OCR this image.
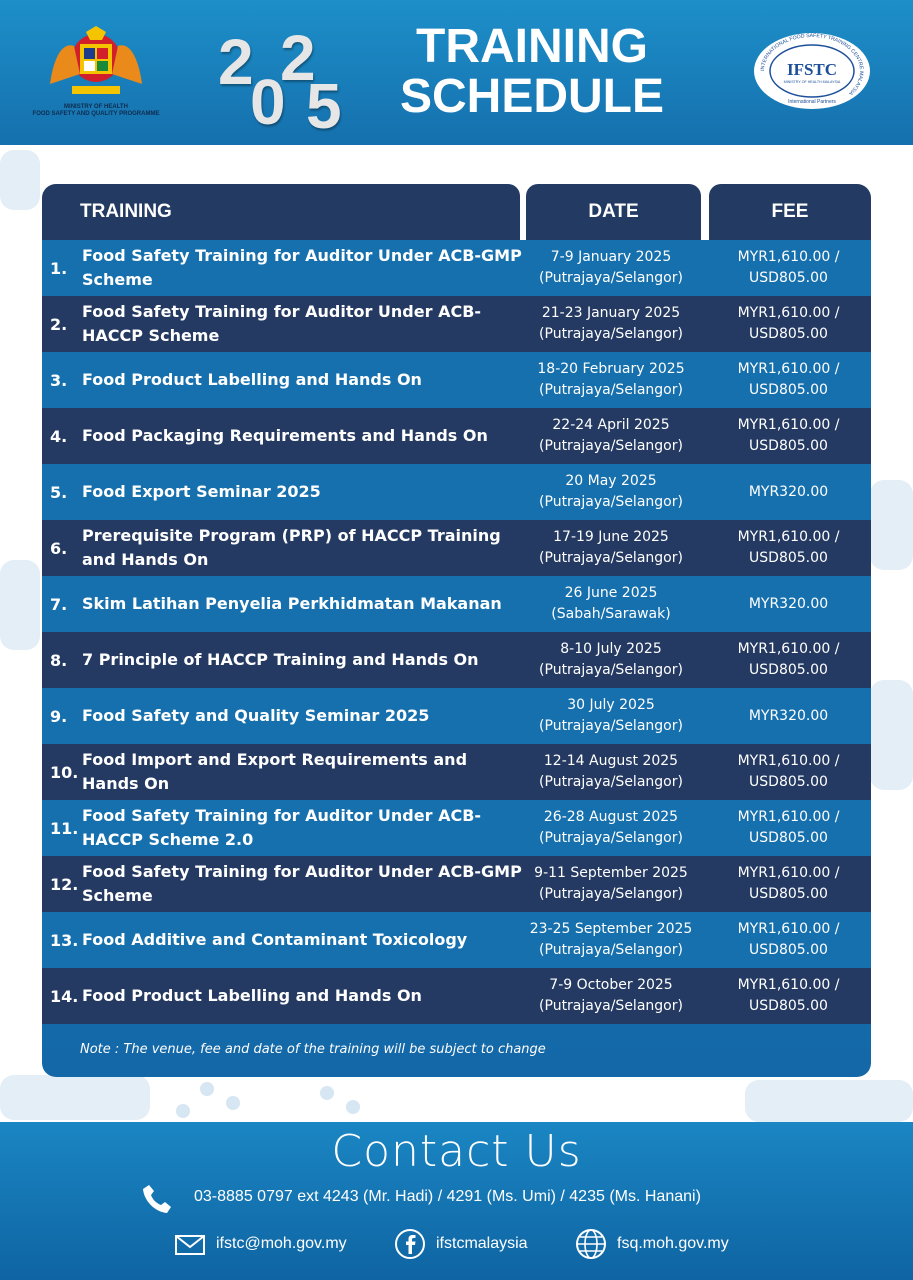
MINISTRY OF HEALTH
FOOD SAFETY AND QUALITY PROGRAMME
2
0
2
5
TRAINING
SCHEDULE	INTERNATIONAL FOOD SAFETY TRAINING CENTRE MALAYSIA
IFSTC
MINISTRY OF HEALTH MALAYSIA
International Partners
TRAINING	DATE	FEE
1.
Food Safety Training for Auditor Under ACB-GMP Scheme
7-9 January 2025
(Putrajaya/Selangor)
MYR1,610.00 /
USD805.00
2.
Food Safety Training for Auditor Under ACB-HACCP Scheme
21-23 January 2025
(Putrajaya/Selangor)
MYR1,610.00 /
USD805.00
3. Food Product Labelling and Hands On
18-20 February 2025
(Putrajaya/Selangor)
MYR1,610.00 /
USD805.00
4. Food Packaging Requirements and Hands On
22-24 April 2025
(Putrajaya/Selangor)
MYR1,610.00 /
USD805.00
5. Food Export Seminar 2025
20 May 2025
(Putrajaya/Selangor)
MYR320.00
6.
Prerequisite Program (PRP) of HACCP Training and Hands On
17-19 June 2025
(Putrajaya/Selangor)
MYR1,610.00 /
USD805.00
7. Skim Latihan Penyelia Perkhidmatan Makanan
26 June 2025
(Sabah/Sarawak)
MYR320.00
8. 7 Principle of HACCP Training and Hands On
8-10 July 2025
(Putrajaya/Selangor)
MYR1,610.00 /
USD805.00
9. Food Safety and Quality Seminar 2025
30 July 2025
(Putrajaya/Selangor)
MYR320.00
10.
Food Import and Export Requirements and Hands On
12-14 August 2025
(Putrajaya/Selangor)
MYR1,610.00 /
USD805.00
11.
Food Safety Training for Auditor Under ACB-HACCP Scheme 2.0
26-28 August 2025
(Putrajaya/Selangor)
MYR1,610.00 /
USD805.00
12.
Food Safety Training for Auditor Under ACB-GMP Scheme
9-11 September 2025
(Putrajaya/Selangor)
MYR1,610.00 /
USD805.00
13. Food Additive and Contaminant Toxicology
23-25 September 2025
(Putrajaya/Selangor)
MYR1,610.00 /
USD805.00
14. Food Product Labelling and Hands On
7-9 October 2025
(Putrajaya/Selangor)
MYR1,610.00 /
USD805.00
Note : The venue, fee and date of the training will be subject to change
Contact Us
03-8885 0797 ext 4243 (Mr. Hadi) / 4291 (Ms. Umi) / 4235 (Ms. Hanani)
ifstc@moh.gov.my	ifstcmalaysia	fsq.moh.gov.my
